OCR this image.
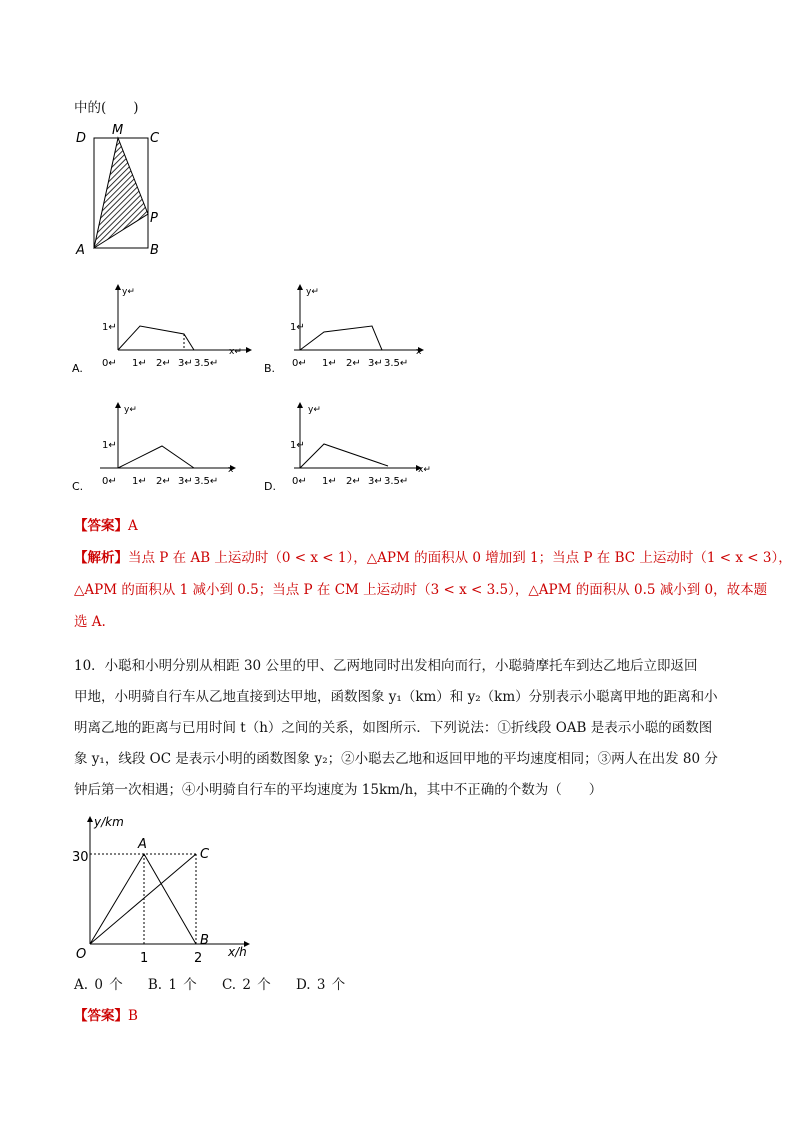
中的(　　)
D
M
C
P
A	B
A.
y↵
x↵
1↵
0↵ 1↵ 2↵ 3↵ 3.5↵	B.
y↵
x
1↵
0↵ 1↵ 2↵ 3↵ 3.5↵
C.
y↵
x
1↵
0↵ 1↵ 2↵ 3↵ 3.5↵	D.
y↵
x↵
1↵
0↵ 1↵ 2↵ 3↵ 3.5↵
【答案】A
【解析】当点 P 在 AB 上运动时（0 < x < 1），△APM 的面积从 0 增加到 1；当点 P 在 BC 上运动时（1 < x < 3），
△APM 的面积从 1 减小到 0.5；当点 P 在 CM 上运动时（3 < x < 3.5），△APM 的面积从 0.5 减小到 0，故本题
选 A.
10．小聪和小明分别从相距 30 公里的甲、乙两地同时出发相向而行，小聪骑摩托车到达乙地后立即返回
甲地，小明骑自行车从乙地直接到达甲地，函数图象 y₁（km）和 y₂（km）分别表示小聪离甲地的距离和小
明离乙地的距离与已用时间 t（h）之间的关系，如图所示．下列说法：①折线段 OAB 是表示小聪的函数图
象 y₁，线段 OC 是表示小明的函数图象 y₂；②小聪去乙地和返回甲地的平均速度相同；③两人在出发 80 分
钟后第一次相遇；④小明骑自行车的平均速度为 15km/h，其中不正确的个数为（　　）
y/km
x/h
30
1	2
O
A
B
C
A. 0 个 B. 1 个 C. 2 个 D. 3 个
【答案】B
